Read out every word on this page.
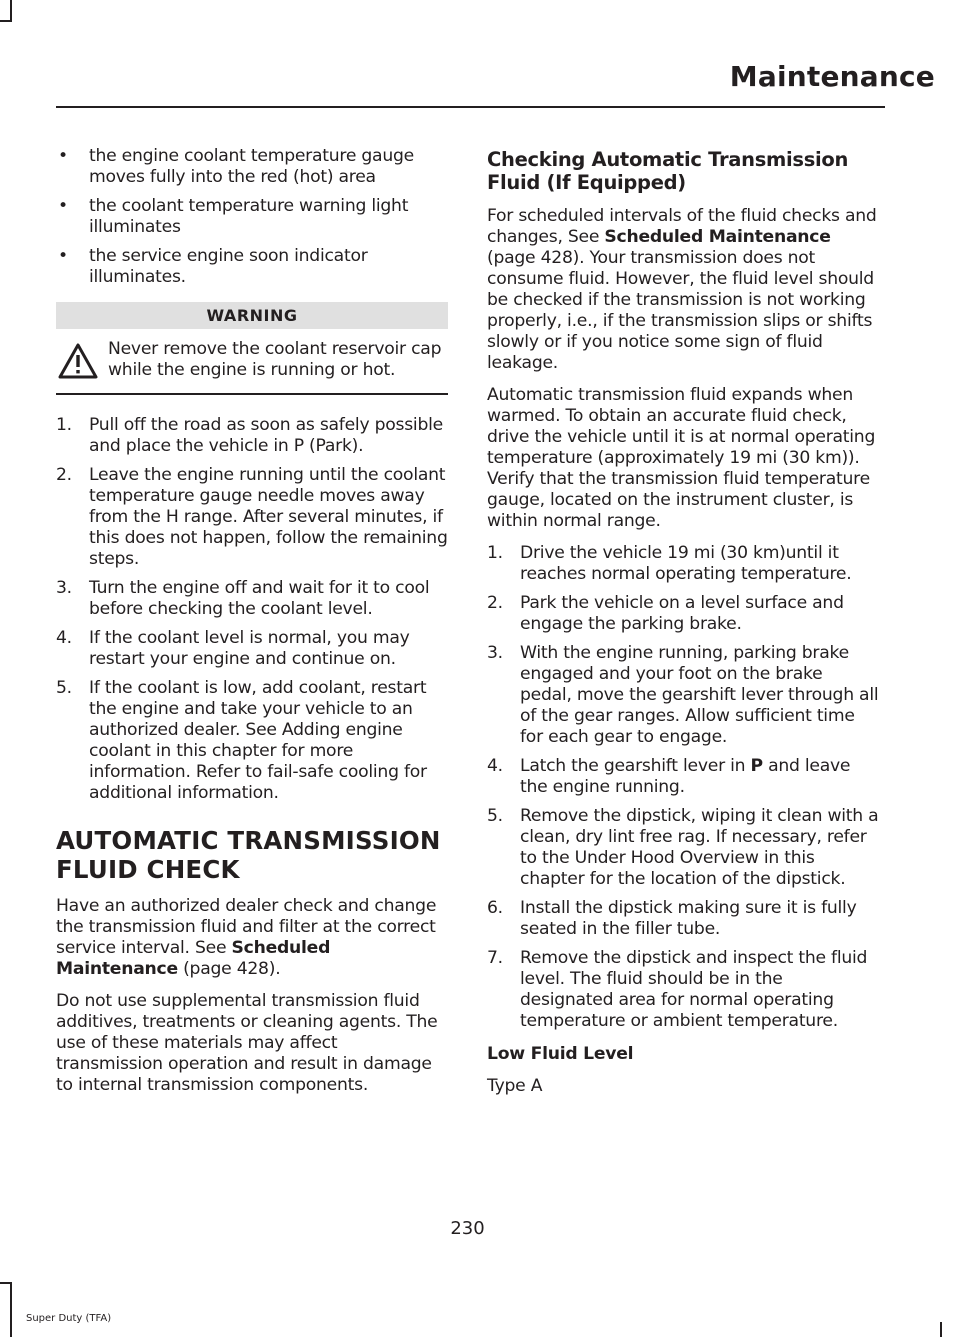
Maintenance
• the engine coolant temperature gauge moves fully into the red (hot) area
• the coolant temperature warning light illuminates
• the service engine soon indicator illuminates.
WARNING

Never remove the coolant reservoir cap while the engine is running or hot.

1. Pull off the road as soon as safely possible and place the vehicle in P (Park).
2. Leave the engine running until the coolant temperature gauge needle moves away from the H range. After several minutes, if this does not happen, follow the remaining steps.
3. Turn the engine off and wait for it to cool before checking the coolant level.
4. If the coolant level is normal, you may restart your engine and continue on.
5. If the coolant is low, add coolant, restart the engine and take your vehicle to an authorized dealer. See Adding engine coolant in this chapter for more information. Refer to fail-safe cooling for additional information.
AUTOMATIC TRANSMISSION
FLUID CHECK

Have an authorized dealer check and change the transmission fluid and filter at the correct service interval. See Scheduled Maintenance (page 428).

Do not use supplemental transmission fluid additives, treatments or cleaning agents. The use of these materials may affect transmission operation and result in damage to internal transmission components.

Checking Automatic Transmission Fluid (If Equipped)

For scheduled intervals of the fluid checks and changes, See Scheduled Maintenance (page 428). Your transmission does not consume fluid. However, the fluid level should be checked if the transmission is not working properly, i.e., if the transmission slips or shifts slowly or if you notice some sign of fluid leakage.

Automatic transmission fluid expands when warmed. To obtain an accurate fluid check, drive the vehicle until it is at normal operating temperature (approximately 19 mi (30 km)). Verify that the transmission fluid temperature gauge, located on the instrument cluster, is within normal range.

1. Drive the vehicle 19 mi (30 km)until it reaches normal operating temperature.
2. Park the vehicle on a level surface and engage the parking brake.
3. With the engine running, parking brake engaged and your foot on the brake pedal, move the gearshift lever through all of the gear ranges. Allow sufficient time for each gear to engage.
4. Latch the gearshift lever in P and leave the engine running.
5. Remove the dipstick, wiping it clean with a clean, dry lint free rag. If necessary, refer to the Under Hood Overview in this chapter for the location of the dipstick.
6. Install the dipstick making sure it is fully seated in the filler tube.
7. Remove the dipstick and inspect the fluid level. The fluid should be in the designated area for normal operating temperature or ambient temperature.
Low Fluid Level

Type A

230
Super Duty (TFA)
